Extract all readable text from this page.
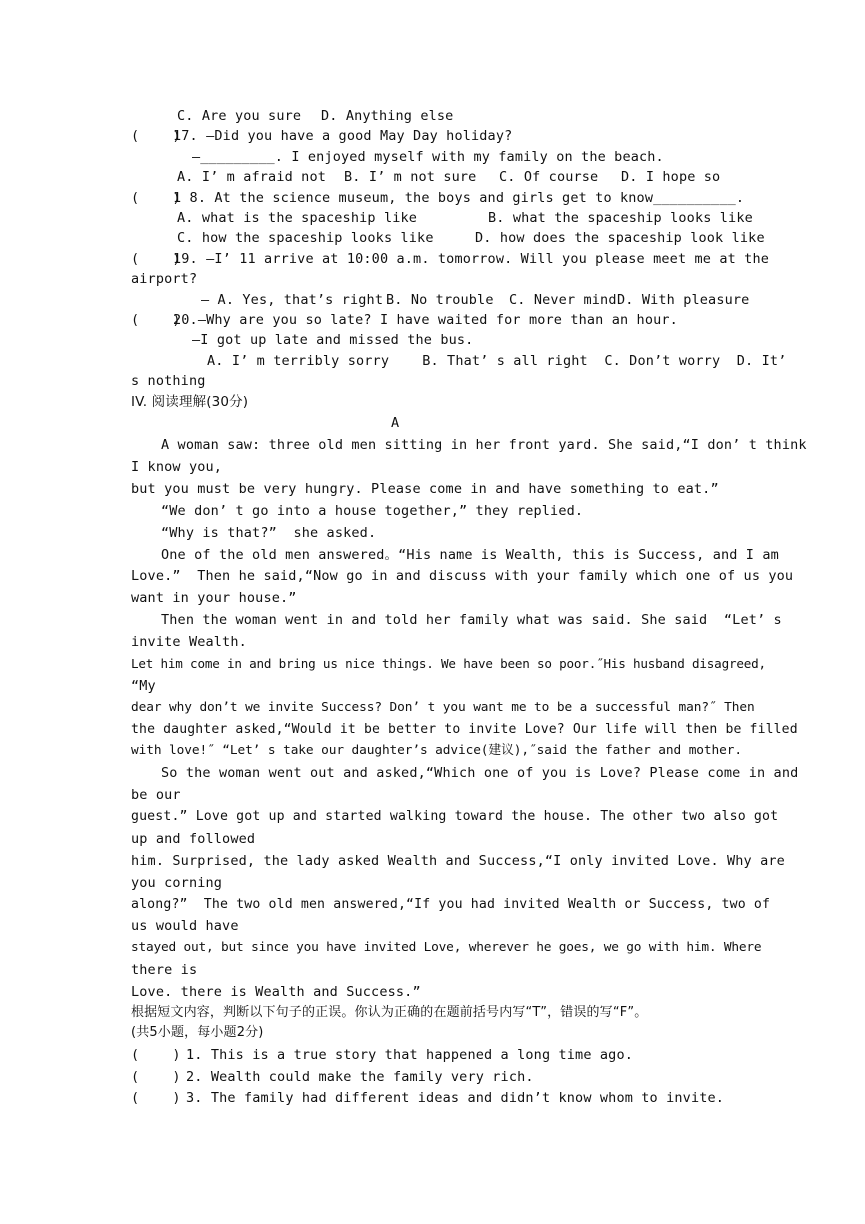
C. Are you sure D. Anything else
(    )
17. —Did you have a good May Day holiday?
—_________. I enjoyed myself with my family on the beach.
A. I’ m afraid not B. I’ m not sure C. Of course D. I hope so
(    )
1 8. At the science museum, the boys and girls get to know__________.
A. what is the spaceship like	B. what the spaceship looks like
C. how the spaceship looks like	D. how does the spaceship look like
(    )
19. —I’ 11 arrive at 10:00 a.m. tomorrow. Will you please meet me at the
airport?
— A. Yes, that’s right B. No trouble C. Never mind D. With pleasure
(    )
20.—Why are you so late? I have waited for more than an hour.
—I got up late and missed the bus.
A. I’ m terribly sorry    B. That’ s all right  C. Don’t worry  D. It’
s nothing
IV. 阅读理解(30分)
A
A woman saw: three old men sitting in her front yard. She said,“I don’ t think
I know you,
but you must be very hungry. Please come in and have something to eat.”
“We don’ t go into a house together,” they replied.
“Why is that?”  she asked.
One of the old men answered。“His name is Wealth, this is Success, and I am
Love.”  Then he said,“Now go in and discuss with your family which one of us you
want in your house.”
Then the woman went in and told her family what was said. She said  “Let’ s
invite Wealth.
Let him come in and bring us nice things. We have been so poor.˝His husband disagreed,
“My
dear why don’t we invite Success? Don’ t you want me to be a successful man?˝ Then
the daughter asked,“Would it be better to invite Love? Our life will then be filled
with love!˝ “Let’ s take our daughter’s advice(建议),˝said the father and mother.
So the woman went out and asked,“Which one of you is Love? Please come in and
be our
guest.” Love got up and started walking toward the house. The other two also got
up and followed
him. Surprised, the lady asked Wealth and Success,“I only invited Love. Why are
you corning
along?”  The two old men answered,“If you had invited Wealth or Success, two of
us would have
stayed out, but since you have invited Love, wherever he goes, we go with him. Where
there is
Love. there is Wealth and Success.”
根据短文内容，判断以下句子的正误。你认为正确的在题前括号内写“T”，错误的写“F”。
(共5小题，每小题2分)
(    ) 1. This is a true story that happened a long time ago.
(    ) 2. Wealth could make the family very rich.
(    ) 3. The family had different ideas and didn’t know whom to invite.
